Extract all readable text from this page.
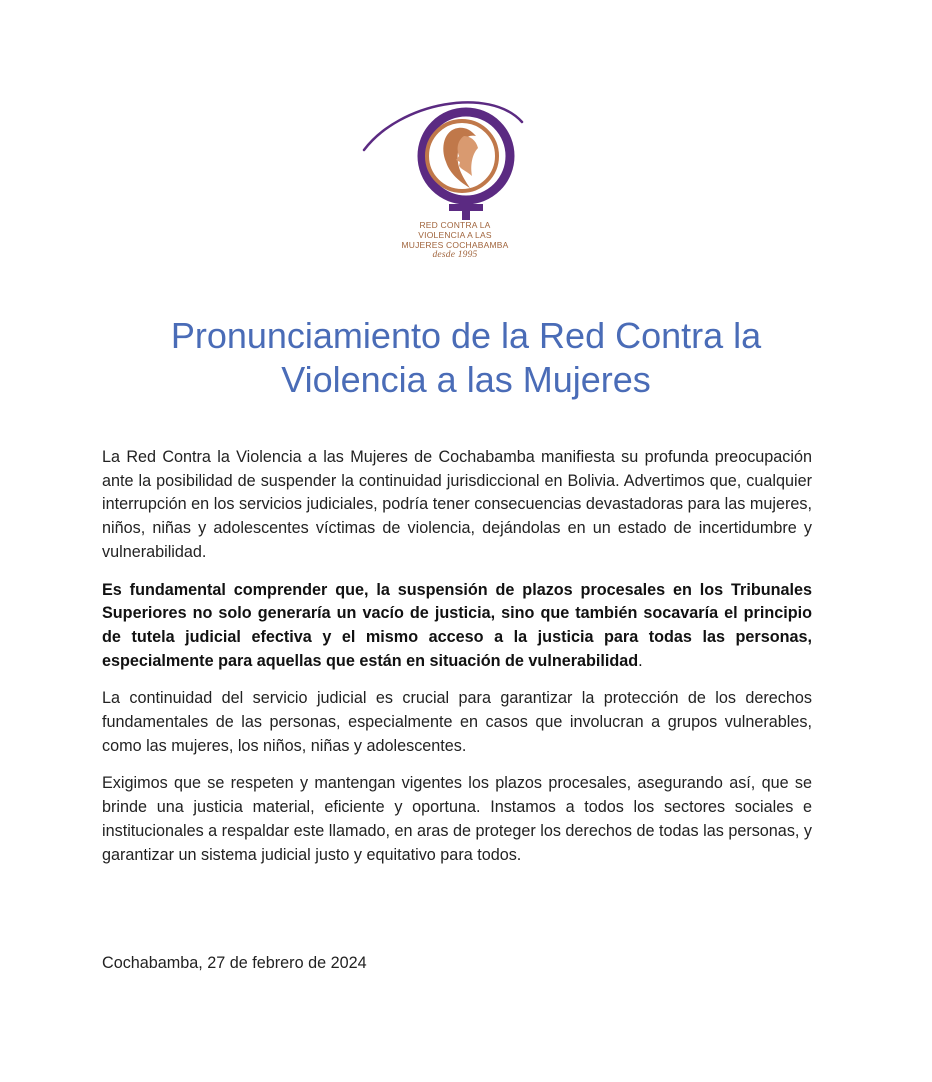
RED CONTRA LA
VIOLENCIA A LAS
MUJERES COCHABAMBA
desde 1995
Pronunciamiento de la Red Contra la
Violencia a las Mujeres

La Red Contra la Violencia a las Mujeres de Cochabamba manifiesta su profunda preocupación ante la posibilidad de suspender la continuidad jurisdiccional en Bolivia. Advertimos que, cualquier interrupción en los servicios judiciales, podría tener consecuencias devastadoras para las mujeres, niños, niñas y adolescentes víctimas de violencia, dejándolas en un estado de incertidumbre y vulnerabilidad.

Es fundamental comprender que, la suspensión de plazos procesales en los Tribunales Superiores no solo generaría un vacío de justicia, sino que también socavaría el principio de tutela judicial efectiva y el mismo acceso a la justicia para todas las personas, especialmente para aquellas que están en situación de vulnerabilidad.

La continuidad del servicio judicial es crucial para garantizar la protección de los derechos fundamentales de las personas, especialmente en casos que involucran a grupos vulnerables, como las mujeres, los niños, niñas y adolescentes.

Exigimos que se respeten y mantengan vigentes los plazos procesales, asegurando así, que se brinde una justicia material, eficiente y oportuna. Instamos a todos los sectores sociales e institucionales a respaldar este llamado, en aras de proteger los derechos de todas las personas, y garantizar un sistema judicial justo y equitativo para todos.

Cochabamba, 27 de febrero de 2024
